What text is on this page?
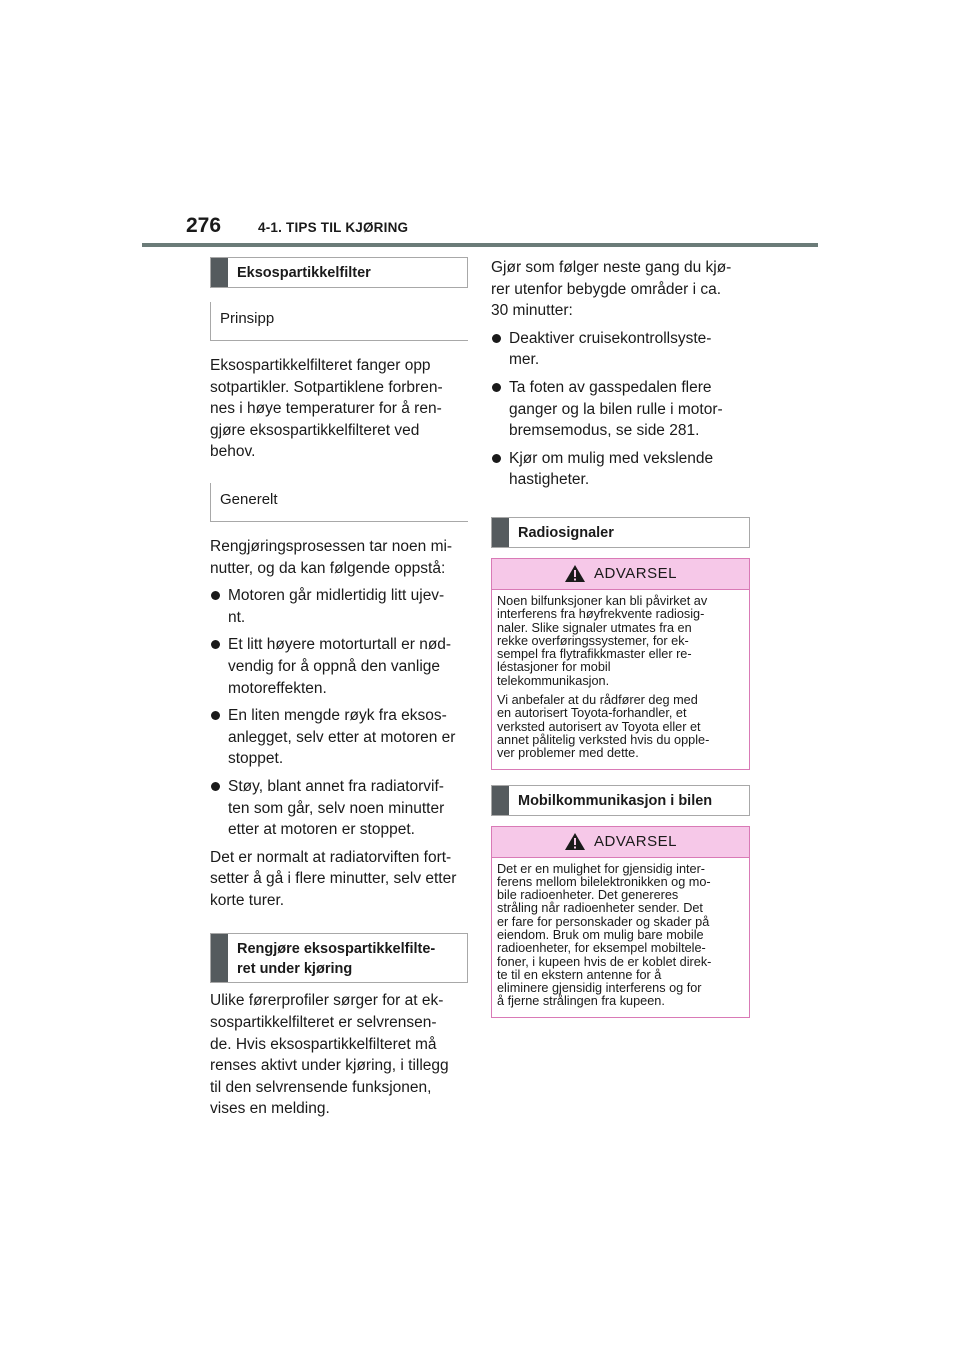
276	4-1. TIPS TIL KJØRING
Eksospartikkelfilter
Prinsipp

Eksospartikkelfilteret fanger opp
sotpartikler. Sotpartiklene forbren-
nes i høye temperaturer for å ren-
gjøre eksospartikkelfilteret ved
behov.

Generelt

Rengjøringsprosessen tar noen mi-
nutter, og da kan følgende oppstå:

Motoren går midlertidig litt ujev-
nt.
Et litt høyere motorturtall er nød-
vendig for å oppnå den vanlige
motoreffekten.
En liten mengde røyk fra eksos-
anlegget, selv etter at motoren er
stoppet.
Støy, blant annet fra radiatorvif-
ten som går, selv noen minutter
etter at motoren er stoppet.

Det er normalt at radiatorviften fort-
setter å gå i flere minutter, selv etter
korte turer.

Rengjøre eksospartikkelfilte-
ret under kjøring

Ulike førerprofiler sørger for at ek-
sospartikkelfilteret er selvrensen-
de. Hvis eksospartikkelfilteret må
renses aktivt under kjøring, i tillegg
til den selvrensende funksjonen,
vises en melding.

Gjør som følger neste gang du kjø-
rer utenfor bebygde områder i ca.
30 minutter:

Deaktiver cruisekontrollsyste-
mer.
Ta foten av gasspedalen flere
ganger og la bilen rulle i motor-
bremsemodus, se side 281.
Kjør om mulig med vekslende
hastigheter.
Radiosignaler
ADVARSEL

Noen bilfunksjoner kan bli påvirket av
interferens fra høyfrekvente radiosig-
naler. Slike signaler utmates fra en
rekke overføringssystemer, for ek-
sempel fra flytrafikkmaster eller re-
léstasjoner for mobil
telekommunikasjon.

Vi anbefaler at du rådfører deg med
en autorisert Toyota-forhandler, et
verksted autorisert av Toyota eller et
annet pålitelig verksted hvis du opple-
ver problemer med dette.

Mobilkommunikasjon i bilen
ADVARSEL

Det er en mulighet for gjensidig inter-
ferens mellom bilelektronikken og mo-
bile radioenheter. Det genereres
stråling når radioenheter sender. Det
er fare for personskader og skader på
eiendom. Bruk om mulig bare mobile
radioenheter, for eksempel mobiltele-
foner, i kupeen hvis de er koblet direk-
te til en ekstern antenne for å
eliminere gjensidig interferens og for
å fjerne strålingen fra kupeen.
